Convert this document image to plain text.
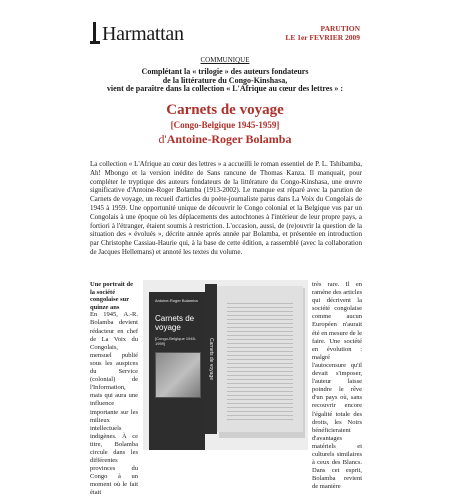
Harmattan	PARUTION
LE 1er FEVRIER 2009
COMMUNIQUE
Complétant la « trilogie » des auteurs fondateurs
de la littérature du Congo-Kinshasa,
vient de paraître dans la collection « L'Afrique au cœur des lettres » :
Carnets de voyage
[Congo-Belgique 1945-1959]
d'Antoine-Roger Bolamba
La collection « L'Afrique au cœur des lettres » a accueilli le roman essentiel de P. L. Tshibamba, Ah! Mbongo et la version inédite de Sans rancune de Thomas Kanza. Il manquait, pour compléter le tryptique des auteurs fondateurs de la littérature du Congo-Kinshasa, une œuvre significative d'Antoine-Roger Bolamba (1913-2002). Le manque est réparé avec la parution de Carnets de voyage, un recueil d'articles du poète-journaliste parus dans La Voix du Congolais de 1945 à 1959. Une opportunité unique de découvrir le Congo colonial et la Belgique vus par un Congolais à une époque où les déplacements des autochtones à l'intérieur de leur propre pays, a fortiori à l'étranger, étaient soumis à restriction. L'occasion, aussi, de (re)ouvrir la question de la situation des « évolués », décrite année après année par Bolamba, et présentée en introduction par Christophe Cassiau-Haurie qui, à la base de cette édition, a rassemblé (avec la collaboration de Jacques Hellemans) et annoté les textes du volume.
Une portrait de la société congolaise sur quinze ans
En 1945, A.-R. Bolamba devient rédacteur en chef de La Voix du Congolais, mensuel publié sous les auspices du Service (colonial) de l'Information, mais qui aura une influence importante sur les milieux intellectuels indigènes. À ce titre, Bolamba circule dans les différentes provinces du Congo à un moment où le fait était
Carnets de voyage
Antoine-Roger Bolamba
Carnets de voyage
[Congo-Belgique 1945-1959]
très rare. Il en ramène des articles qui décrivent la société congolaise comme aucun Européen n'aurait été en mesure de le faire. Une société en évolution : malgré l'autocensure qu'il devait s'imposer, l'auteur laisse poindre le rêve d'un pays où, sans recouvrir encore l'égalité totale des droits, les Noirs bénéficieraient d'avantages matériels et culturels similaires à ceux des Blancs. Dans cet esprit, Bolamba revient de manière
